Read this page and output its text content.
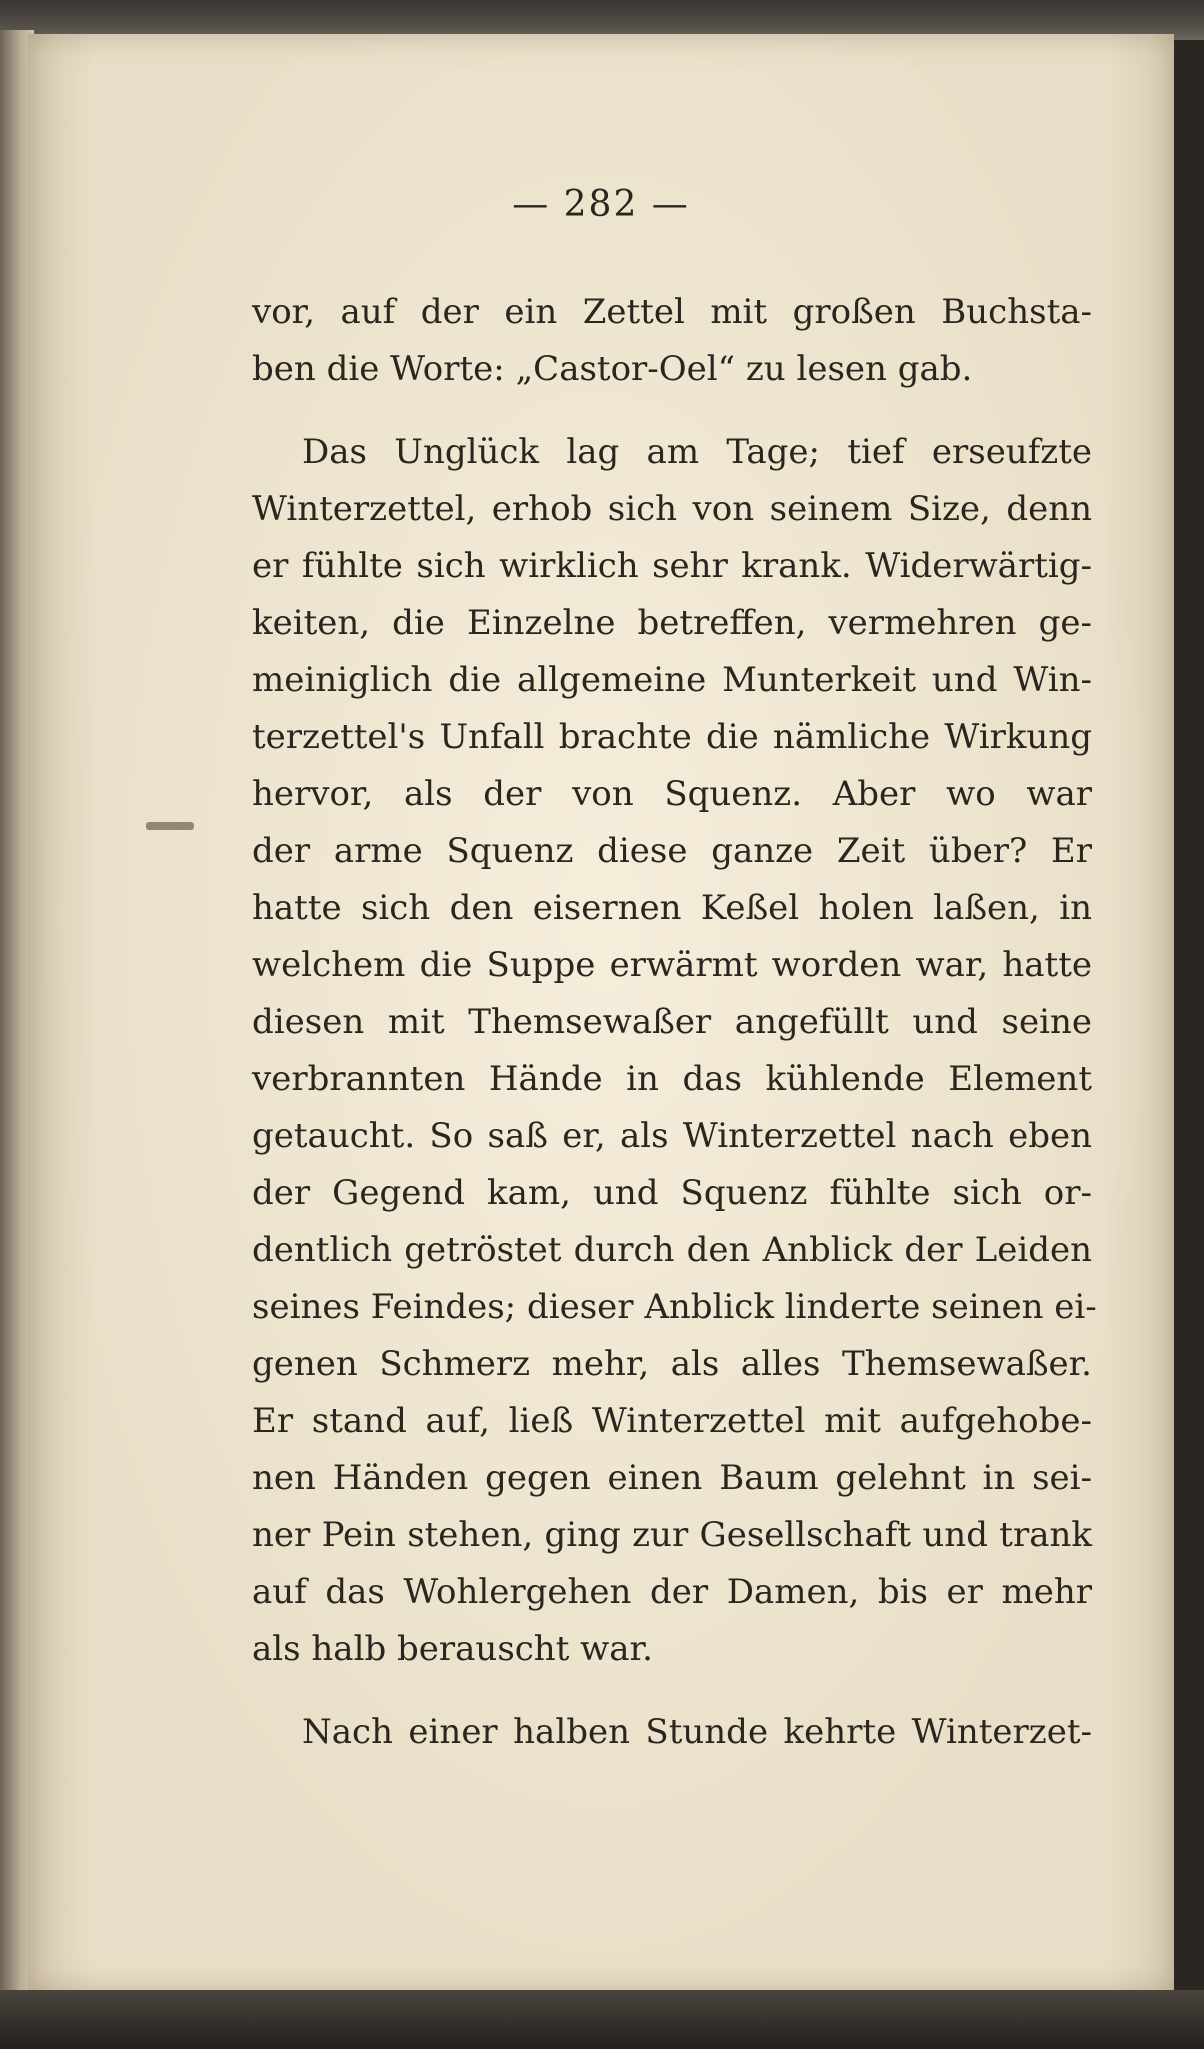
— 282 —
vor, auf der ein Zettel mit großen Buchsta-
ben die Worte: „Castor-Oel“ zu lesen gab.
Das Unglück lag am Tage; tief erseufzte
Winterzettel, erhob sich von seinem Size, denn
er fühlte sich wirklich sehr krank. Widerwärtig-
keiten, die Einzelne betreffen, vermehren ge-
meiniglich die allgemeine Munterkeit und Win-
terzettel's Unfall brachte die nämliche Wirkung
hervor, als der von Squenz. Aber wo war
der arme Squenz diese ganze Zeit über? Er
hatte sich den eisernen Keßel holen laßen, in
welchem die Suppe erwärmt worden war, hatte
diesen mit Themsewaßer angefüllt und seine
verbrannten Hände in das kühlende Element
getaucht. So saß er, als Winterzettel nach eben
der Gegend kam, und Squenz fühlte sich or-
dentlich getröstet durch den Anblick der Leiden
seines Feindes; dieser Anblick linderte seinen ei-
genen Schmerz mehr, als alles Themsewaßer.
Er stand auf, ließ Winterzettel mit aufgehobe-
nen Händen gegen einen Baum gelehnt in sei-
ner Pein stehen, ging zur Gesellschaft und trank
auf das Wohlergehen der Damen, bis er mehr
als halb berauscht war.
Nach einer halben Stunde kehrte Winterzet-
